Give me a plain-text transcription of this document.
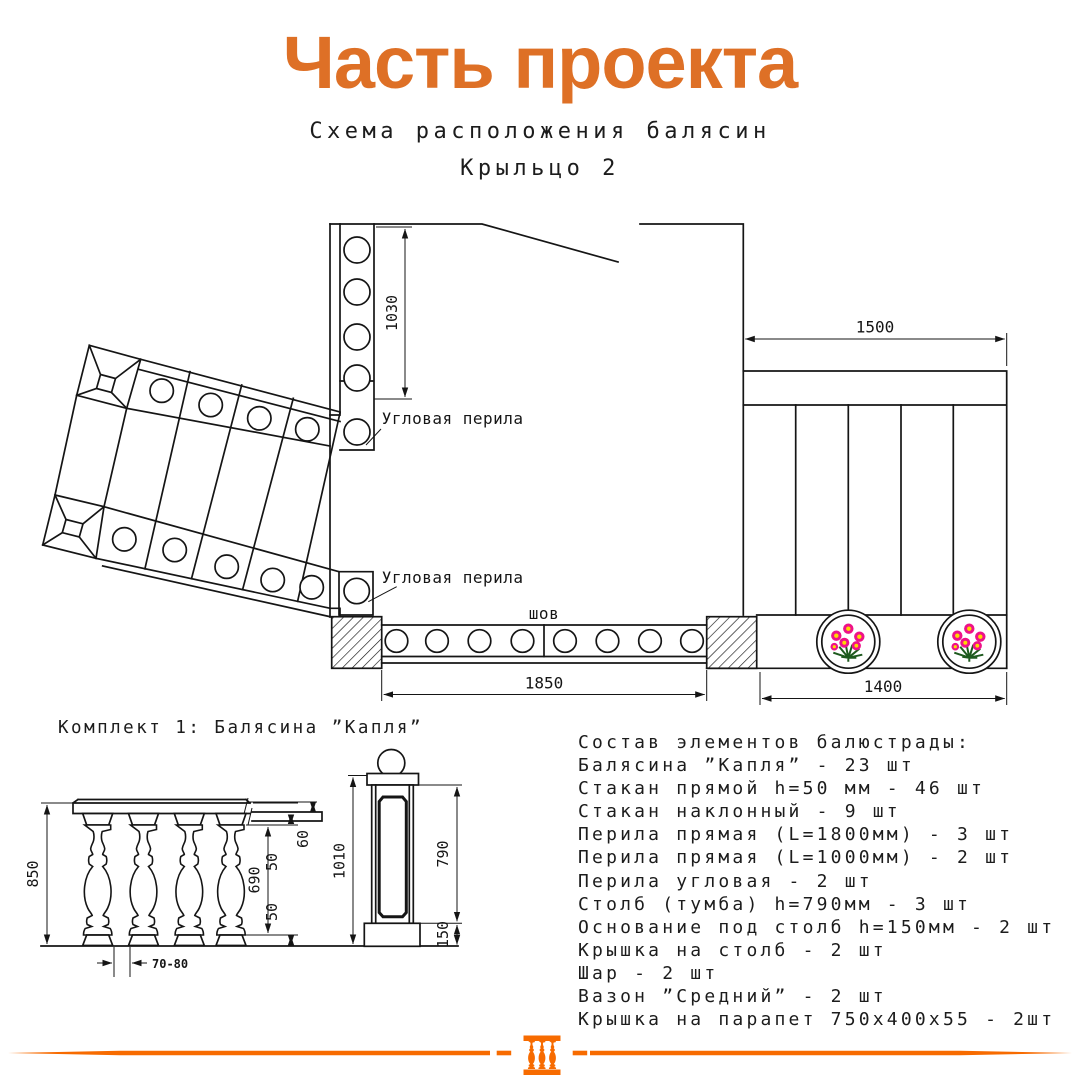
Часть проекта
Схема расположения балясин
Крыльцо 2
Комплект 1: Балясина ”Капля”
1030
Угловая перила
Угловая перила
шов
1850
1500
1400
850	690
50
50
60
70-80
1010	790
150
Состав элементов балюстрады:
Балясина ”Капля” - 23 шт
Стакан прямой h=50 мм - 46 шт
Стакан наклонный - 9 шт
Перила прямая (L=1800мм) - 3 шт
Перила прямая (L=1000мм) - 2 шт
Перила угловая - 2 шт
Столб (тумба) h=790мм - 3 шт
Основание под столб h=150мм - 2 шт
Крышка на столб - 2 шт
Шар - 2 шт
Вазон ”Средний” - 2 шт
Крышка на парапет 750х400х55 - 2шт
